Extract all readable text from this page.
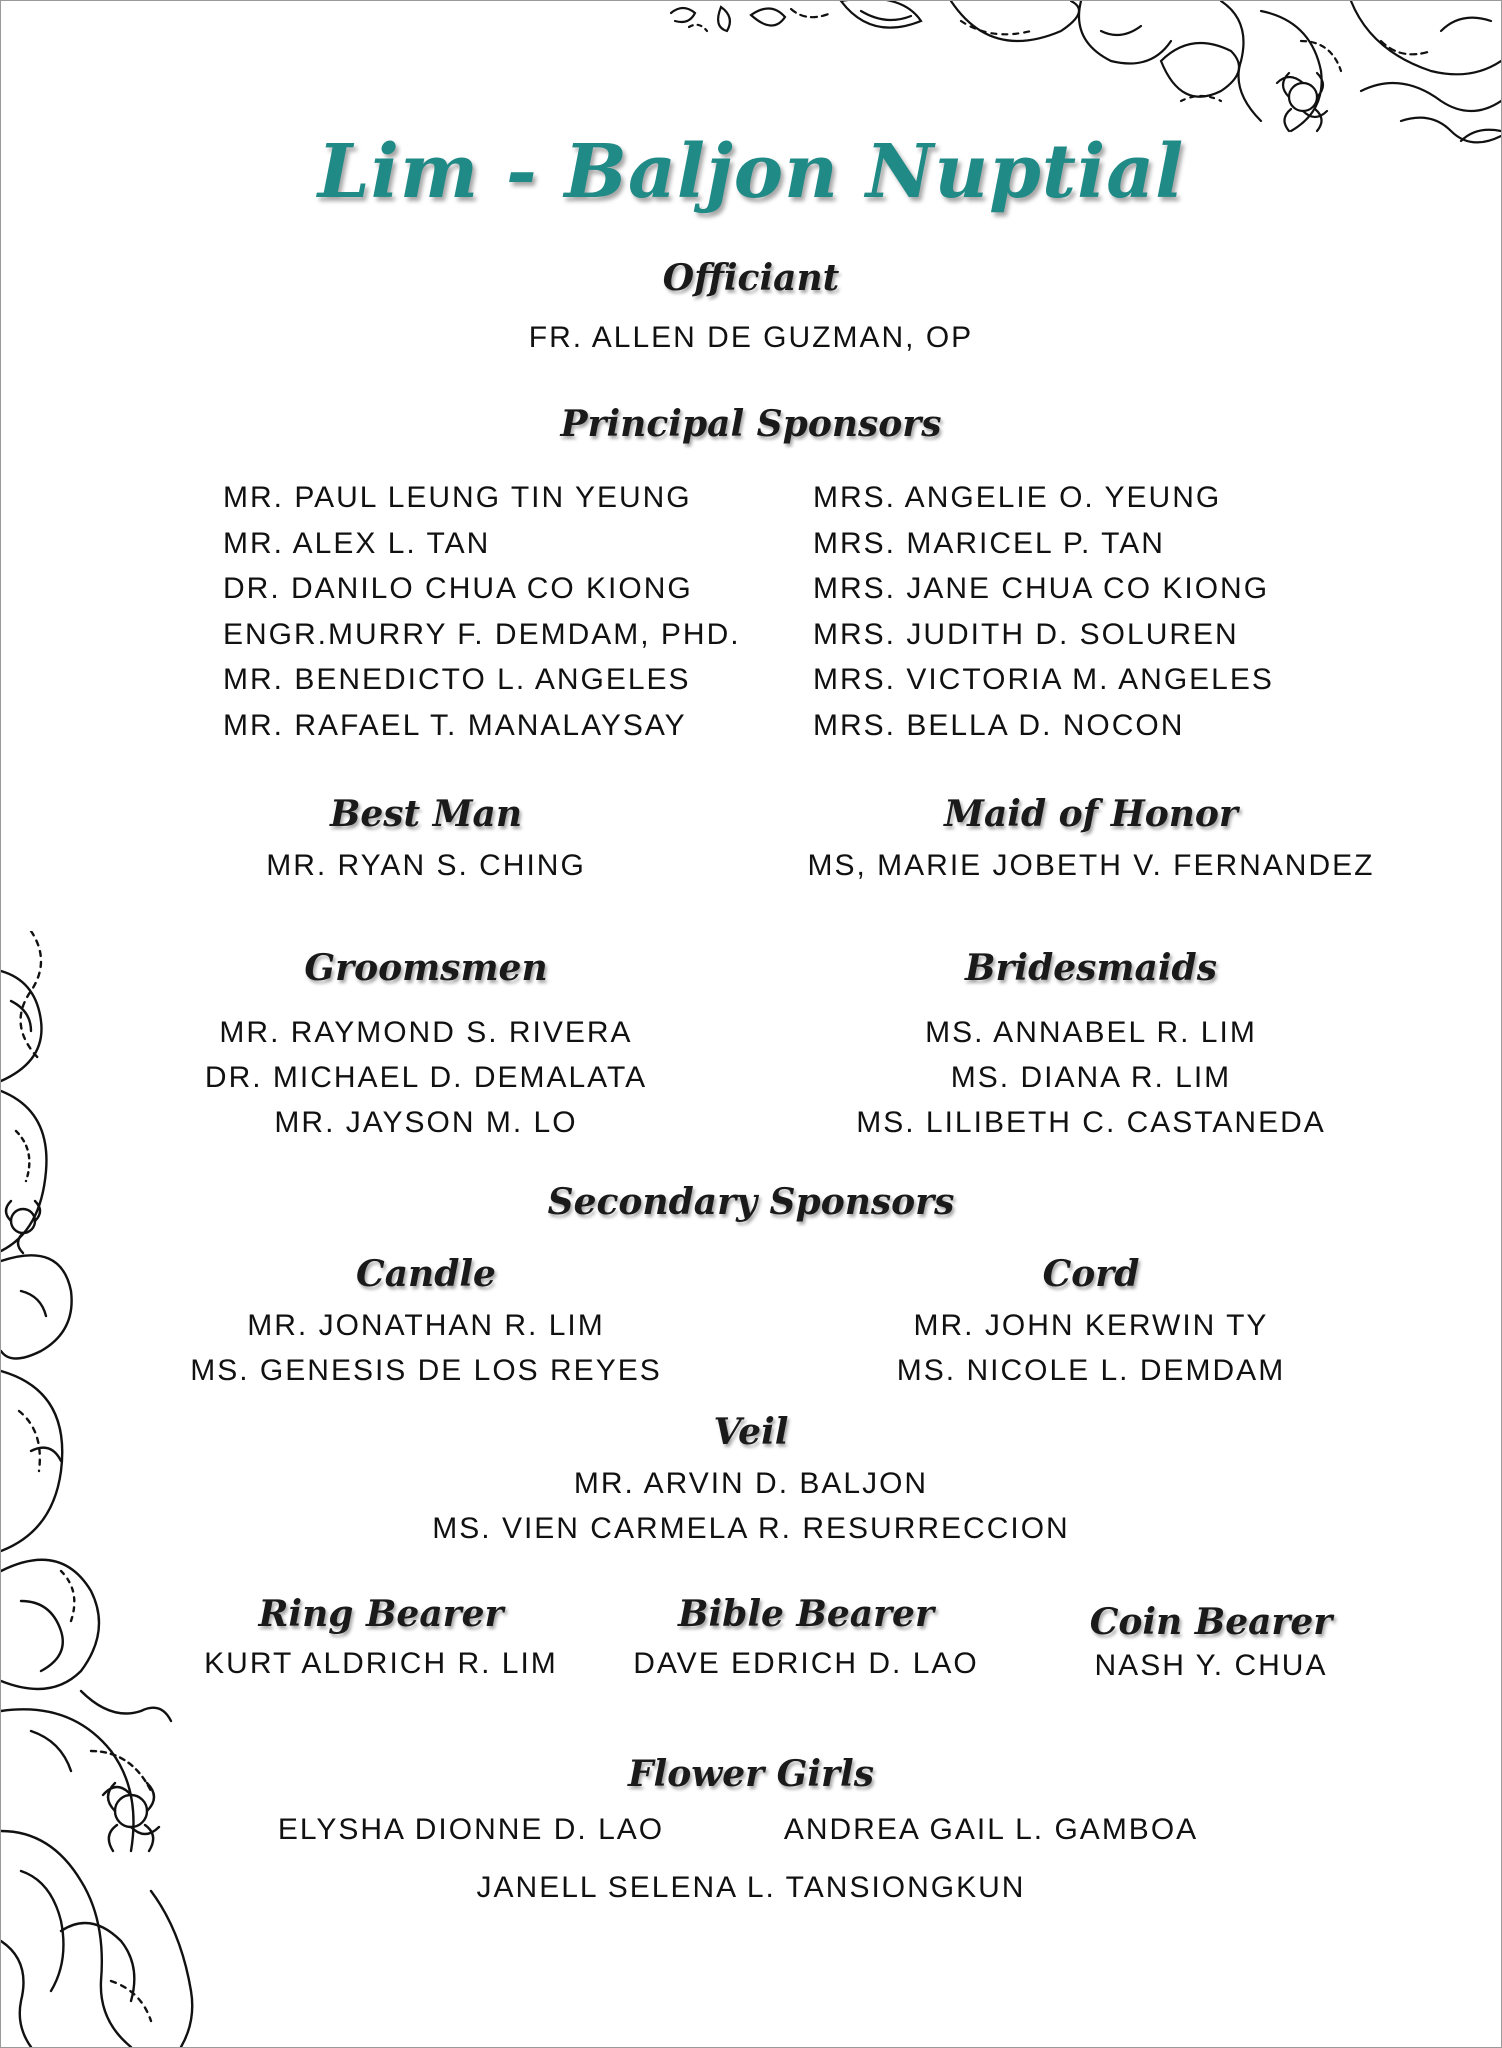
Lim - Baljon Nuptial
Officiant
FR. ALLEN DE GUZMAN, OP
Principal Sponsors
MR. PAUL LEUNG TIN YEUNG
MR. ALEX L. TAN
DR. DANILO CHUA CO KIONG
ENGR.MURRY F. DEMDAM, PHD.
MR. BENEDICTO L. ANGELES
MR. RAFAEL T. MANALAYSAY
MRS. ANGELIE O. YEUNG
MRS. MARICEL P. TAN
MRS. JANE CHUA CO KIONG
MRS. JUDITH D. SOLUREN
MRS. VICTORIA M. ANGELES
MRS. BELLA D. NOCON
Best Man
MR. RYAN S. CHING
Maid of Honor
MS, MARIE JOBETH V. FERNANDEZ
Groomsmen
MR. RAYMOND S. RIVERA
DR. MICHAEL D. DEMALATA
MR. JAYSON M. LO
Bridesmaids
MS. ANNABEL R. LIM
MS. DIANA R. LIM
MS. LILIBETH C. CASTANEDA
Secondary Sponsors
Candle
MR. JONATHAN R. LIM
MS. GENESIS DE LOS REYES
Cord
MR. JOHN KERWIN TY
MS. NICOLE L. DEMDAM
Veil
MR. ARVIN D. BALJON
MS. VIEN CARMELA R. RESURRECCION
Ring Bearer
KURT ALDRICH R. LIM
Bible Bearer
DAVE EDRICH D. LAO
Coin Bearer
NASH Y. CHUA
Flower Girls
ELYSHA DIONNE D. LAO	ANDREA GAIL L. GAMBOA
JANELL SELENA L. TANSIONGKUN
